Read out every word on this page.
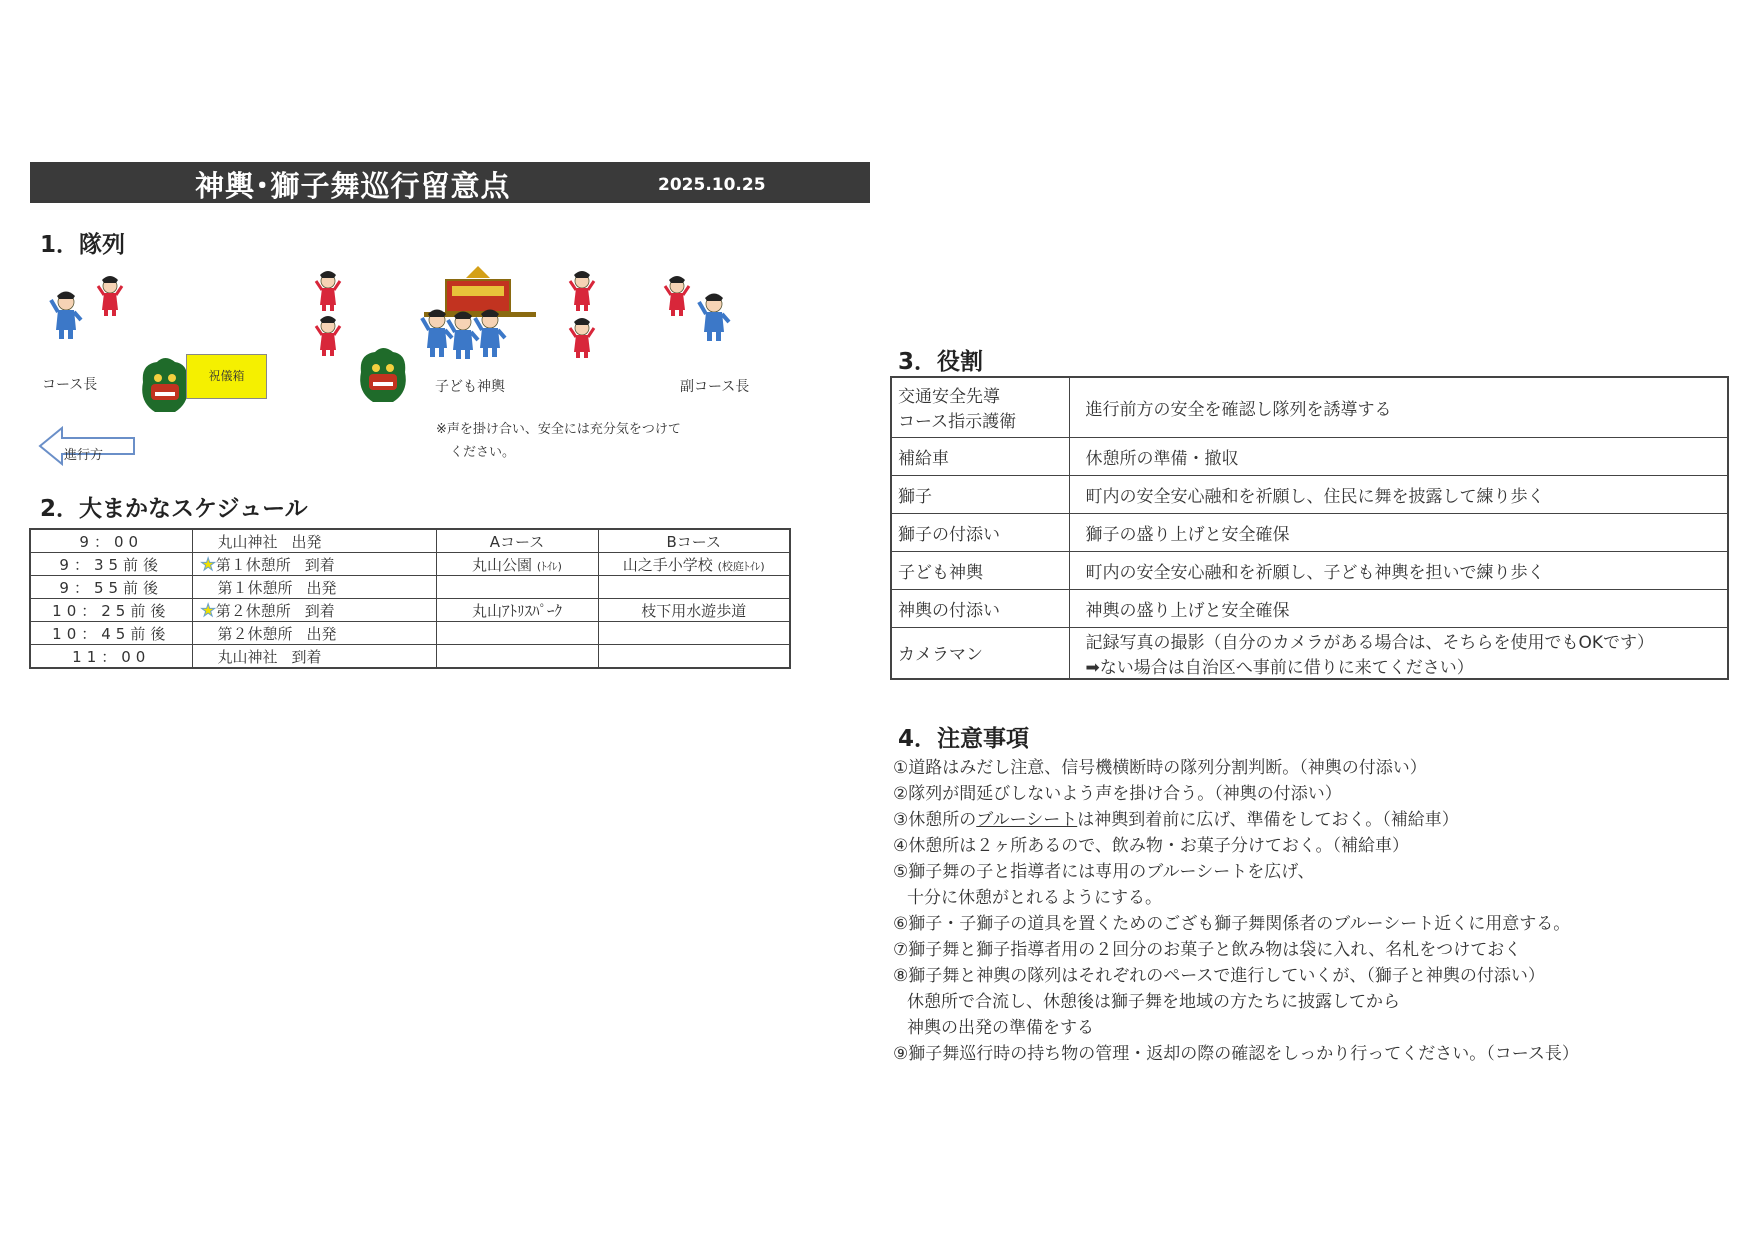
神輿･獅子舞巡行留意点	2025.10.25
1．隊列
コース長
祝儀箱
子ども神輿	副コース長
※声を掛け合い、安全には充分気をつけて
ください。
進行方
2．大まかなスケジュール
9：00	丸山神社 出発	Aコース	Bコース
9：35前後	★第１休憩所 到着	丸山公園 (ﾄｲﾚ)	山之手小学校 (校庭ﾄｲﾚ)
9：55前後	第１休憩所 出発		
10：25前後	★第２休憩所 到着	丸山ｱﾄﾘｽﾊﾟｰｸ	枝下用水遊歩道
10：45前後	第２休憩所 出発		
11：00	丸山神社 到着		
3．役割
交通安全先導
コース指示護衛	進行前方の安全を確認し隊列を誘導する

補給車	休憩所の準備・撤収

獅子	町内の安全安心融和を祈願し、住民に舞を披露して練り歩く

獅子の付添い	獅子の盛り上げと安全確保

子ども神輿	町内の安全安心融和を祈願し、子ども神輿を担いで練り歩く

神輿の付添い	神輿の盛り上げと安全確保

カメラマン	記録写真の撮影（自分のカメラがある場合は、そちらを使用でもOKです）
➡ない場合は自治区へ事前に借りに来てください）
4．注意事項
①道路はみだし注意、信号機横断時の隊列分割判断。（神輿の付添い）
②隊列が間延びしないよう声を掛け合う。（神輿の付添い）
③休憩所のブルーシートは神輿到着前に広げ、準備をしておく。（補給車）
④休憩所は２ヶ所あるので、飲み物・お菓子分けておく。（補給車）
⑤獅子舞の子と指導者には専用のブルーシートを広げ、
十分に休憩がとれるようにする。
⑥獅子・子獅子の道具を置くためのござも獅子舞関係者のブルーシート近くに用意する。
⑦獅子舞と獅子指導者用の２回分のお菓子と飲み物は袋に入れ、名札をつけておく
⑧獅子舞と神輿の隊列はそれぞれのペースで進行していくが、（獅子と神輿の付添い）
休憩所で合流し、休憩後は獅子舞を地域の方たちに披露してから
神輿の出発の準備をする
⑨獅子舞巡行時の持ち物の管理・返却の際の確認をしっかり行ってください。（コース長）
